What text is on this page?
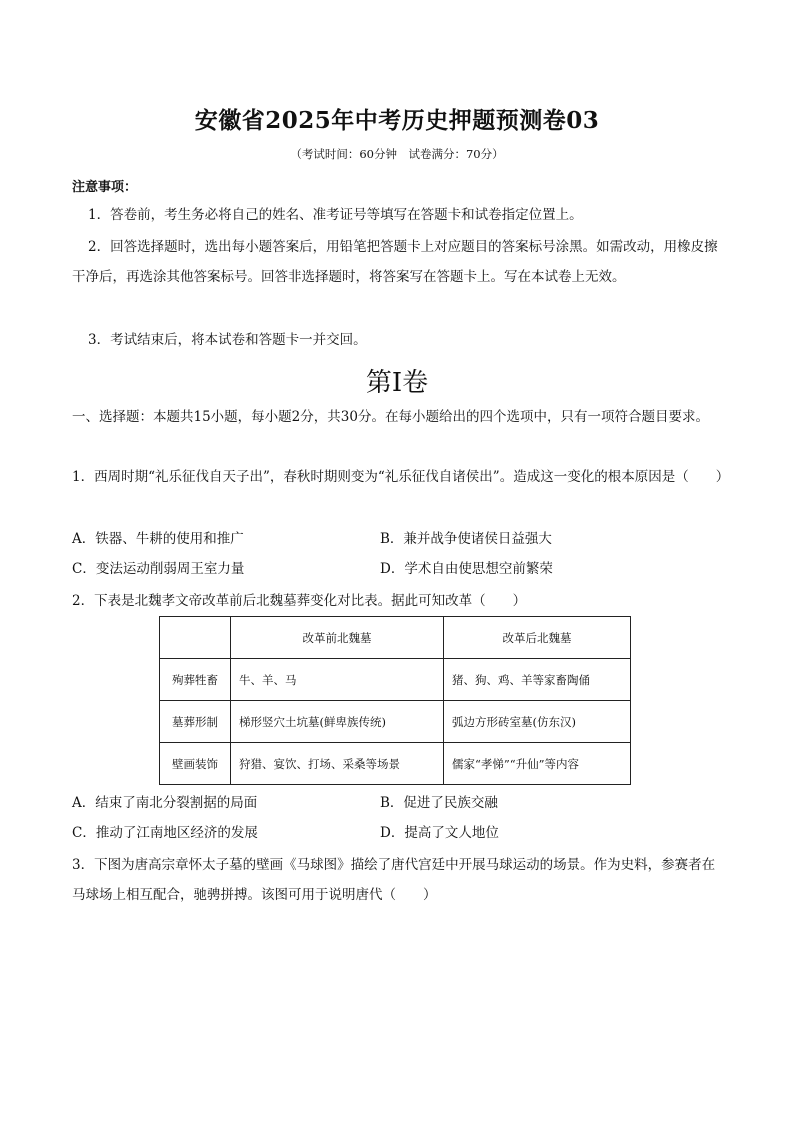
安徽省2025年中考历史押题预测卷03
（考试时间：60分钟　试卷满分：70分）
注意事项：
1．答卷前，考生务必将自己的姓名、准考证号等填写在答题卡和试卷指定位置上。
2．回答选择题时，选出每小题答案后，用铅笔把答题卡上对应题目的答案标号涂黑。如需改动，用橡皮擦干净后，再选涂其他答案标号。回答非选择题时，将答案写在答题卡上。写在本试卷上无效。
3．考试结束后，将本试卷和答题卡一并交回。
第Ⅰ卷
一、选择题：本题共15小题，每小题2分，共30分。在每小题给出的四个选项中，只有一项符合题目要求。
1．西周时期“礼乐征伐自天子出”，春秋时期则变为“礼乐征伐自诸侯出”。造成这一变化的根本原因是（　　）
A．铁器、牛耕的使用和推广	B．兼并战争使诸侯日益强大
C．变法运动削弱周王室力量	D．学术自由使思想空前繁荣
2．下表是北魏孝文帝改革前后北魏墓葬变化对比表。据此可知改革（　　）
	改革前北魏墓	改革后北魏墓
殉葬牲畜	牛、羊、马	猪、狗、鸡、羊等家畜陶俑
墓葬形制	梯形竖穴土坑墓(鲜卑族传统)	弧边方形砖室墓(仿东汉)
壁画装饰	狩猎、宴饮、打场、采桑等场景	儒家“孝悌”“升仙”等内容
A．结束了南北分裂割据的局面	B．促进了民族交融
C．推动了江南地区经济的发展	D．提高了文人地位
3．下图为唐高宗章怀太子墓的壁画《马球图》描绘了唐代宫廷中开展马球运动的场景。作为史料，参赛者在马球场上相互配合，驰骋拼搏。该图可用于说明唐代（　　）
